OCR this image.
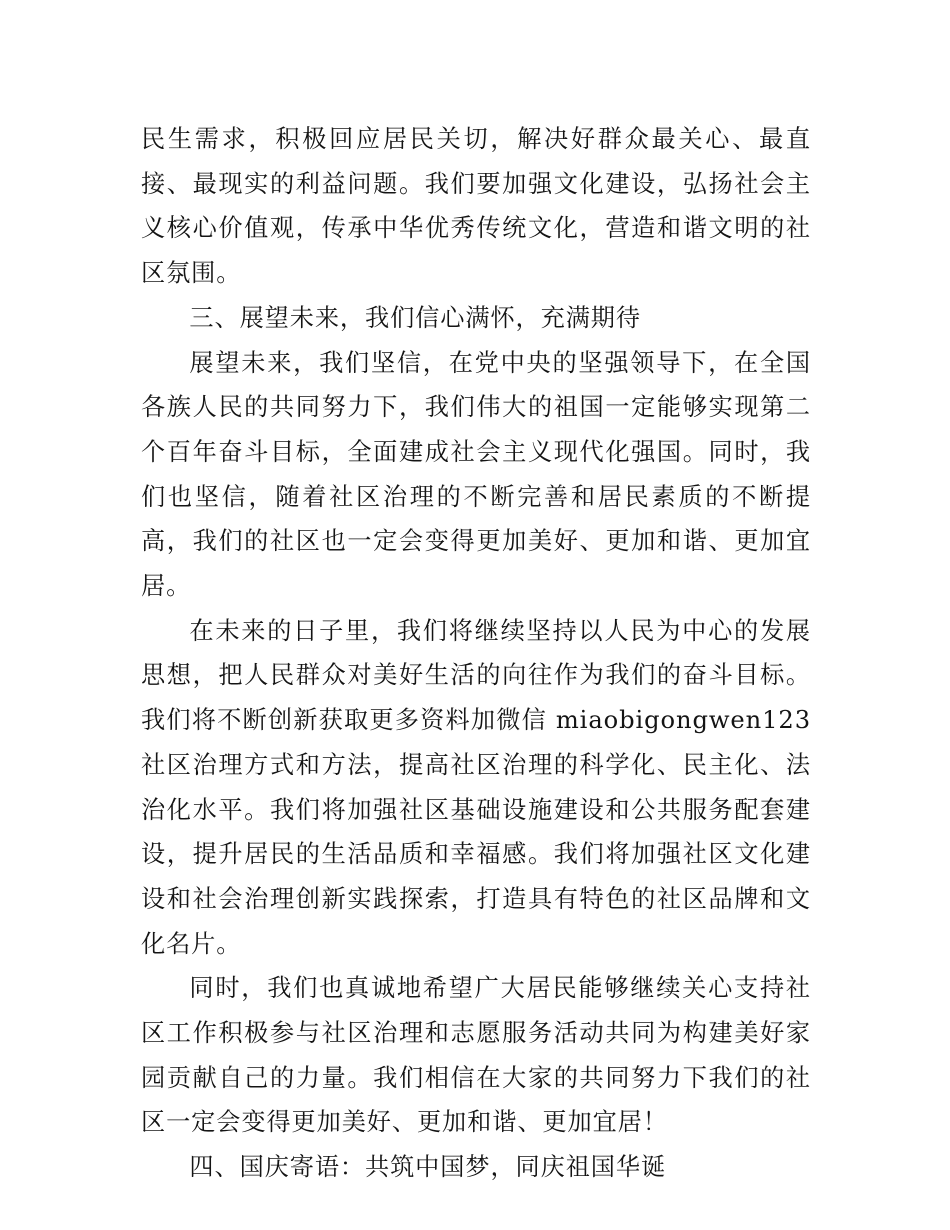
民生需求，积极回应居民关切，解决好群众最关心、最直接、最现实的利益问题。我们要加强文化建设，弘扬社会主义核心价值观，传承中华优秀传统文化，营造和谐文明的社区氛围。

三、展望未来，我们信心满怀，充满期待

展望未来，我们坚信，在党中央的坚强领导下，在全国各族人民的共同努力下，我们伟大的祖国一定能够实现第二个百年奋斗目标，全面建成社会主义现代化强国。同时，我们也坚信，随着社区治理的不断完善和居民素质的不断提高，我们的社区也一定会变得更加美好、更加和谐、更加宜居。

在未来的日子里，我们将继续坚持以人民为中心的发展思想，把人民群众对美好生活的向往作为我们的奋斗目标。我们将不断创新获取更多资料加微信 miaobigongwen123 社区治理方式和方法，提高社区治理的科学化、民主化、法治化水平。我们将加强社区基础设施建设和公共服务配套建设，提升居民的生活品质和幸福感。我们将加强社区文化建设和社会治理创新实践探索，打造具有特色的社区品牌和文化名片。

同时，我们也真诚地希望广大居民能够继续关心支持社区工作积极参与社区治理和志愿服务活动共同为构建美好家园贡献自己的力量。我们相信在大家的共同努力下我们的社区一定会变得更加美好、更加和谐、更加宜居！

四、国庆寄语：共筑中国梦，同庆祖国华诞
